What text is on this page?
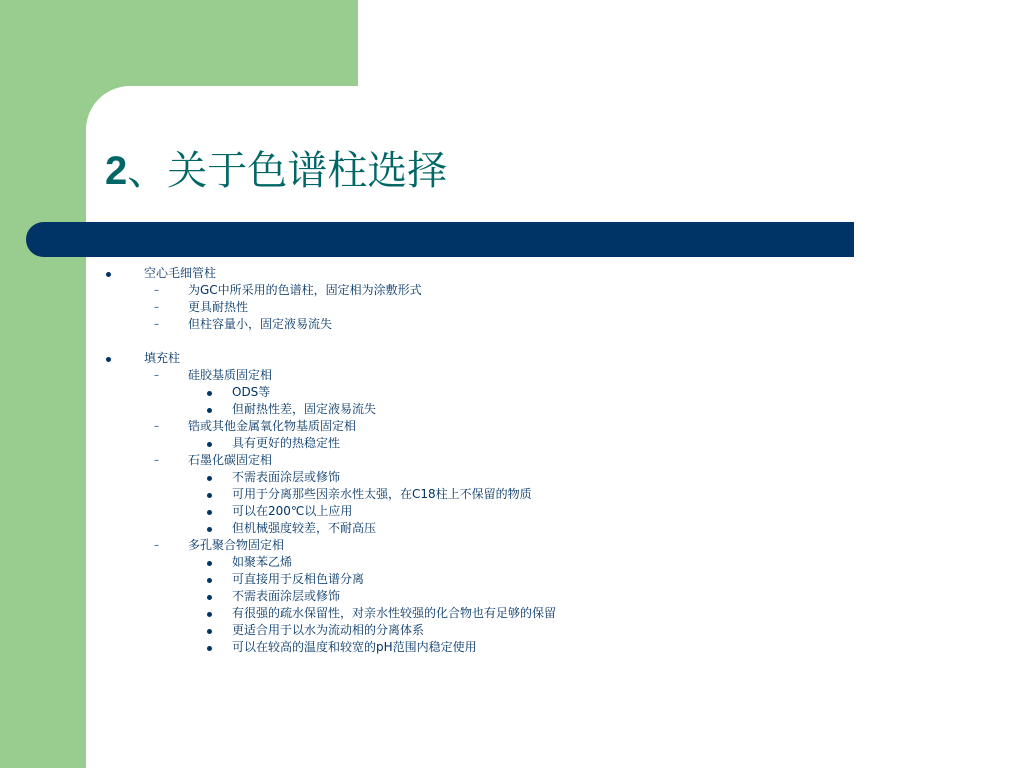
2、关于色谱柱选择
空心毛细管柱
– 为GC中所采用的色谱柱，固定相为涂敷形式
– 更具耐热性
– 但柱容量小，固定液易流失
填充柱
– 硅胶基质固定相
ODS等
但耐热性差，固定液易流失
– 锆或其他金属氧化物基质固定相
具有更好的热稳定性
– 石墨化碳固定相
不需表面涂层或修饰
可用于分离那些因亲水性太强，在C18柱上不保留的物质
可以在200℃以上应用
但机械强度较差，不耐高压
– 多孔聚合物固定相
如聚苯乙烯
可直接用于反相色谱分离
不需表面涂层或修饰
有很强的疏水保留性，对亲水性较强的化合物也有足够的保留
更适合用于以水为流动相的分离体系
可以在较高的温度和较宽的pH范围内稳定使用
